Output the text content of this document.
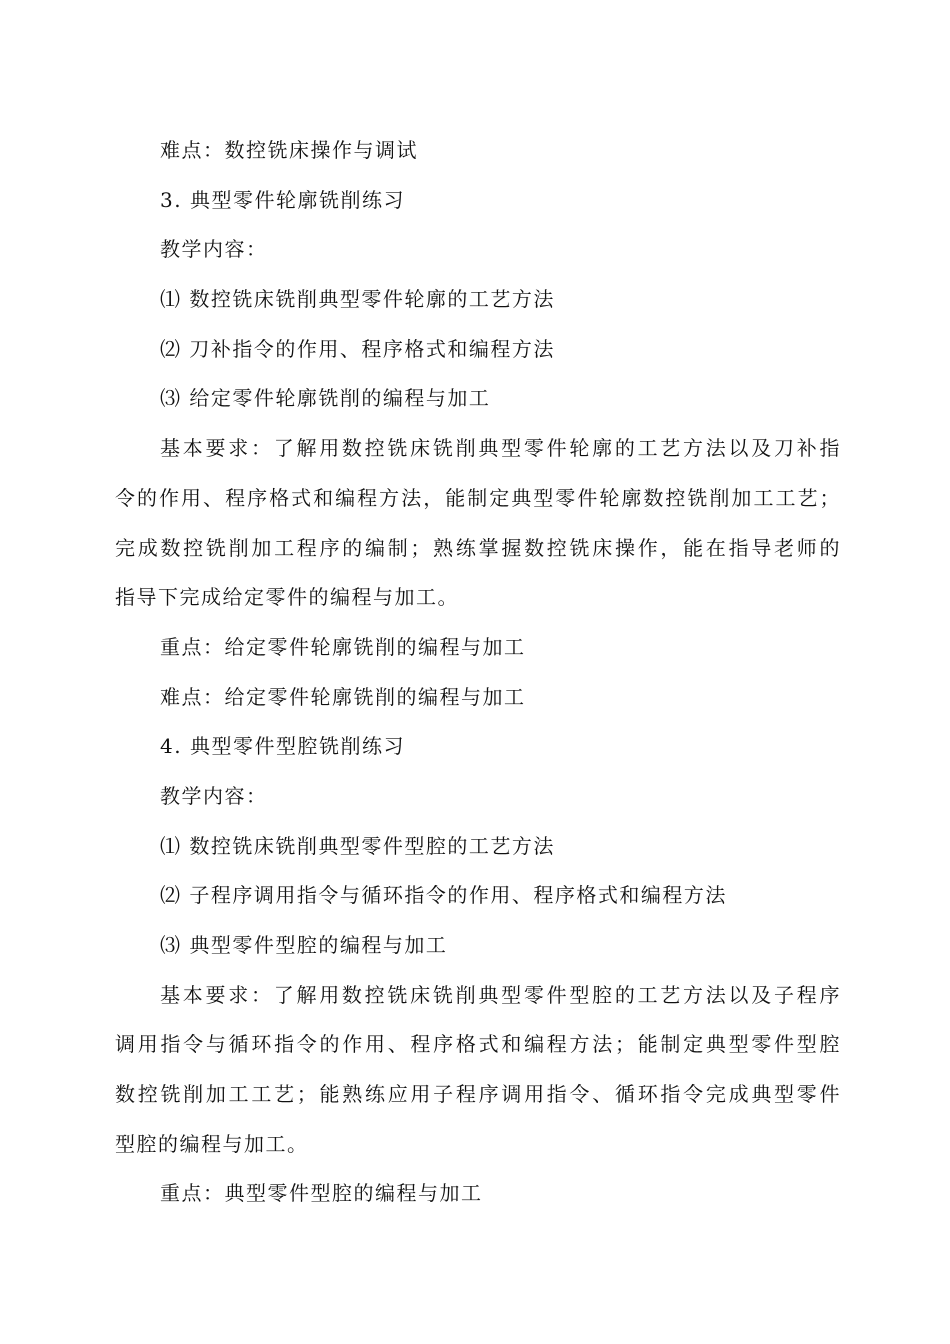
难点：数控铣床操作与调试
3. 典型零件轮廓铣削练习
教学内容：
⑴ 数控铣床铣削典型零件轮廓的工艺方法
⑵ 刀补指令的作用、程序格式和编程方法
⑶ 给定零件轮廓铣削的编程与加工
基本要求：了解用数控铣床铣削典型零件轮廓的工艺方法以及刀补指
令的作用、程序格式和编程方法，能制定典型零件轮廓数控铣削加工工艺；
完成数控铣削加工程序的编制；熟练掌握数控铣床操作，能在指导老师的
指导下完成给定零件的编程与加工。
重点：给定零件轮廓铣削的编程与加工
难点：给定零件轮廓铣削的编程与加工
4. 典型零件型腔铣削练习
教学内容：
⑴ 数控铣床铣削典型零件型腔的工艺方法
⑵ 子程序调用指令与循环指令的作用、程序格式和编程方法
⑶ 典型零件型腔的编程与加工
基本要求：了解用数控铣床铣削典型零件型腔的工艺方法以及子程序
调用指令与循环指令的作用、程序格式和编程方法；能制定典型零件型腔
数控铣削加工工艺；能熟练应用子程序调用指令、循环指令完成典型零件
型腔的编程与加工。
重点：典型零件型腔的编程与加工
